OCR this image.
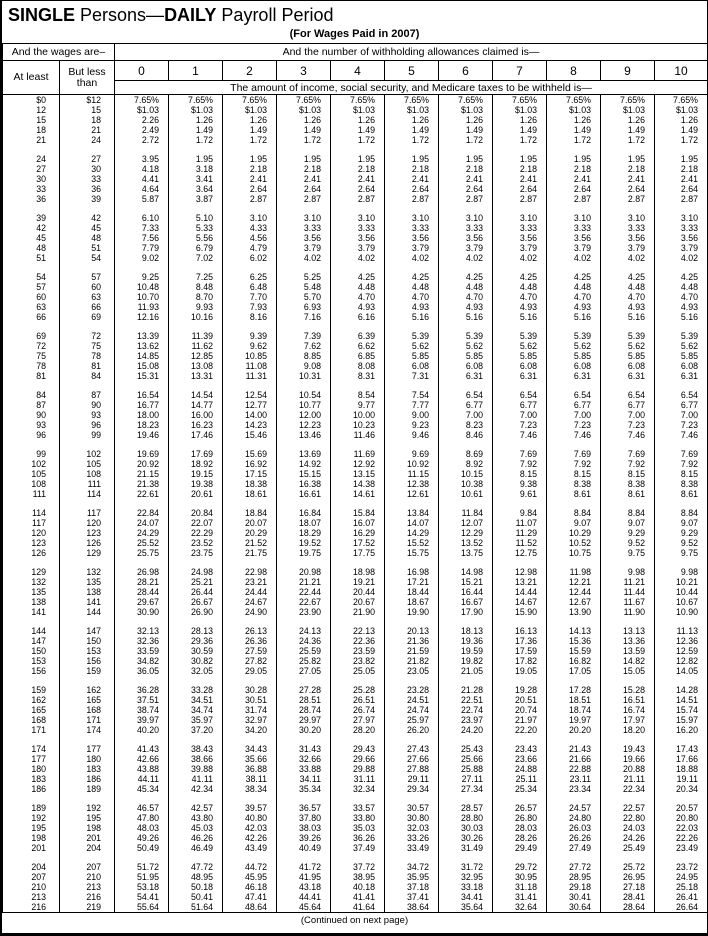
SINGLE Persons—DAILY Payroll Period
(For Wages Paid in 2007)
And the wages are–		And the number of withholding allowances claimed is—										
At least	But less than	0	1	2	3	4	5	6	7	8	9	10
		The amount of income, social security, and Medicare taxes to be withheld is—										
$0	$12	7.65%	7.65%	7.65%	7.65%	7.65%	7.65%	7.65%	7.65%	7.65%	7.65%	7.65%
12	15	$1.03	$1.03	$1.03	$1.03	$1.03	$1.03	$1.03	$1.03	$1.03	$1.03	$1.03
15	18	2.26	1.26	1.26	1.26	1.26	1.26	1.26	1.26	1.26	1.26	1.26
18	21	2.49	1.49	1.49	1.49	1.49	1.49	1.49	1.49	1.49	1.49	1.49
21	24	2.72	1.72	1.72	1.72	1.72	1.72	1.72	1.72	1.72	1.72	1.72

24	27	3.95	1.95	1.95	1.95	1.95	1.95	1.95	1.95	1.95	1.95	1.95
27	30	4.18	3.18	2.18	2.18	2.18	2.18	2.18	2.18	2.18	2.18	2.18
30	33	4.41	3.41	2.41	2.41	2.41	2.41	2.41	2.41	2.41	2.41	2.41
33	36	4.64	3.64	2.64	2.64	2.64	2.64	2.64	2.64	2.64	2.64	2.64
36	39	5.87	3.87	2.87	2.87	2.87	2.87	2.87	2.87	2.87	2.87	2.87

39	42	6.10	5.10	3.10	3.10	3.10	3.10	3.10	3.10	3.10	3.10	3.10
42	45	7.33	5.33	4.33	3.33	3.33	3.33	3.33	3.33	3.33	3.33	3.33
45	48	7.56	5.56	4.56	3.56	3.56	3.56	3.56	3.56	3.56	3.56	3.56
48	51	7.79	6.79	4.79	3.79	3.79	3.79	3.79	3.79	3.79	3.79	3.79
51	54	9.02	7.02	6.02	4.02	4.02	4.02	4.02	4.02	4.02	4.02	4.02

54	57	9.25	7.25	6.25	5.25	4.25	4.25	4.25	4.25	4.25	4.25	4.25
57	60	10.48	8.48	6.48	5.48	4.48	4.48	4.48	4.48	4.48	4.48	4.48
60	63	10.70	8.70	7.70	5.70	4.70	4.70	4.70	4.70	4.70	4.70	4.70
63	66	11.93	9.93	7.93	6.93	4.93	4.93	4.93	4.93	4.93	4.93	4.93
66	69	12.16	10.16	8.16	7.16	6.16	5.16	5.16	5.16	5.16	5.16	5.16

69	72	13.39	11.39	9.39	7.39	6.39	5.39	5.39	5.39	5.39	5.39	5.39
72	75	13.62	11.62	9.62	7.62	6.62	5.62	5.62	5.62	5.62	5.62	5.62
75	78	14.85	12.85	10.85	8.85	6.85	5.85	5.85	5.85	5.85	5.85	5.85
78	81	15.08	13.08	11.08	9.08	8.08	6.08	6.08	6.08	6.08	6.08	6.08
81	84	15.31	13.31	11.31	10.31	8.31	7.31	6.31	6.31	6.31	6.31	6.31

84	87	16.54	14.54	12.54	10.54	8.54	7.54	6.54	6.54	6.54	6.54	6.54
87	90	16.77	14.77	12.77	10.77	9.77	7.77	6.77	6.77	6.77	6.77	6.77
90	93	18.00	16.00	14.00	12.00	10.00	9.00	7.00	7.00	7.00	7.00	7.00
93	96	18.23	16.23	14.23	12.23	10.23	9.23	8.23	7.23	7.23	7.23	7.23
96	99	19.46	17.46	15.46	13.46	11.46	9.46	8.46	7.46	7.46	7.46	7.46

99	102	19.69	17.69	15.69	13.69	11.69	9.69	8.69	7.69	7.69	7.69	7.69
102	105	20.92	18.92	16.92	14.92	12.92	10.92	8.92	7.92	7.92	7.92	7.92
105	108	21.15	19.15	17.15	15.15	13.15	11.15	10.15	8.15	8.15	8.15	8.15
108	111	21.38	19.38	18.38	16.38	14.38	12.38	10.38	9.38	8.38	8.38	8.38
111	114	22.61	20.61	18.61	16.61	14.61	12.61	10.61	9.61	8.61	8.61	8.61

114	117	22.84	20.84	18.84	16.84	15.84	13.84	11.84	9.84	8.84	8.84	8.84
117	120	24.07	22.07	20.07	18.07	16.07	14.07	12.07	11.07	9.07	9.07	9.07
120	123	24.29	22.29	20.29	18.29	16.29	14.29	12.29	11.29	10.29	9.29	9.29
123	126	25.52	23.52	21.52	19.52	17.52	15.52	13.52	11.52	10.52	9.52	9.52
126	129	25.75	23.75	21.75	19.75	17.75	15.75	13.75	12.75	10.75	9.75	9.75

129	132	26.98	24.98	22.98	20.98	18.98	16.98	14.98	12.98	11.98	9.98	9.98
132	135	28.21	25.21	23.21	21.21	19.21	17.21	15.21	13.21	12.21	11.21	10.21
135	138	28.44	26.44	24.44	22.44	20.44	18.44	16.44	14.44	12.44	11.44	10.44
138	141	29.67	26.67	24.67	22.67	20.67	18.67	16.67	14.67	12.67	11.67	10.67
141	144	30.90	26.90	24.90	23.90	21.90	19.90	17.90	15.90	13.90	11.90	10.90

144	147	32.13	28.13	26.13	24.13	22.13	20.13	18.13	16.13	14.13	13.13	11.13
147	150	32.36	29.36	26.36	24.36	22.36	21.36	19.36	17.36	15.36	13.36	12.36
150	153	33.59	30.59	27.59	25.59	23.59	21.59	19.59	17.59	15.59	13.59	12.59
153	156	34.82	30.82	27.82	25.82	23.82	21.82	19.82	17.82	16.82	14.82	12.82
156	159	36.05	32.05	29.05	27.05	25.05	23.05	21.05	19.05	17.05	15.05	14.05

159	162	36.28	33.28	30.28	27.28	25.28	23.28	21.28	19.28	17.28	15.28	14.28
162	165	37.51	34.51	30.51	28.51	26.51	24.51	22.51	20.51	18.51	16.51	14.51
165	168	38.74	34.74	31.74	28.74	26.74	24.74	22.74	20.74	18.74	16.74	15.74
168	171	39.97	35.97	32.97	29.97	27.97	25.97	23.97	21.97	19.97	17.97	15.97
171	174	40.20	37.20	34.20	30.20	28.20	26.20	24.20	22.20	20.20	18.20	16.20

174	177	41.43	38.43	34.43	31.43	29.43	27.43	25.43	23.43	21.43	19.43	17.43
177	180	42.66	38.66	35.66	32.66	29.66	27.66	25.66	23.66	21.66	19.66	17.66
180	183	43.88	39.88	36.88	33.88	29.88	27.88	25.88	24.88	22.88	20.88	18.88
183	186	44.11	41.11	38.11	34.11	31.11	29.11	27.11	25.11	23.11	21.11	19.11
186	189	45.34	42.34	38.34	35.34	32.34	29.34	27.34	25.34	23.34	22.34	20.34

189	192	46.57	42.57	39.57	36.57	33.57	30.57	28.57	26.57	24.57	22.57	20.57
192	195	47.80	43.80	40.80	37.80	33.80	30.80	28.80	26.80	24.80	22.80	20.80
195	198	48.03	45.03	42.03	38.03	35.03	32.03	30.03	28.03	26.03	24.03	22.03
198	201	49.26	46.26	42.26	39.26	36.26	33.26	30.26	28.26	26.26	24.26	22.26
201	204	50.49	46.49	43.49	40.49	37.49	33.49	31.49	29.49	27.49	25.49	23.49

204	207	51.72	47.72	44.72	41.72	37.72	34.72	31.72	29.72	27.72	25.72	23.72
207	210	51.95	48.95	45.95	41.95	38.95	35.95	32.95	30.95	28.95	26.95	24.95
210	213	53.18	50.18	46.18	43.18	40.18	37.18	33.18	31.18	29.18	27.18	25.18
213	216	54.41	50.41	47.41	44.41	41.41	37.41	34.41	31.41	30.41	28.41	26.41
216	219	55.64	51.64	48.64	45.64	41.64	38.64	35.64	32.64	30.64	28.64	26.64
(Continued on next page)
